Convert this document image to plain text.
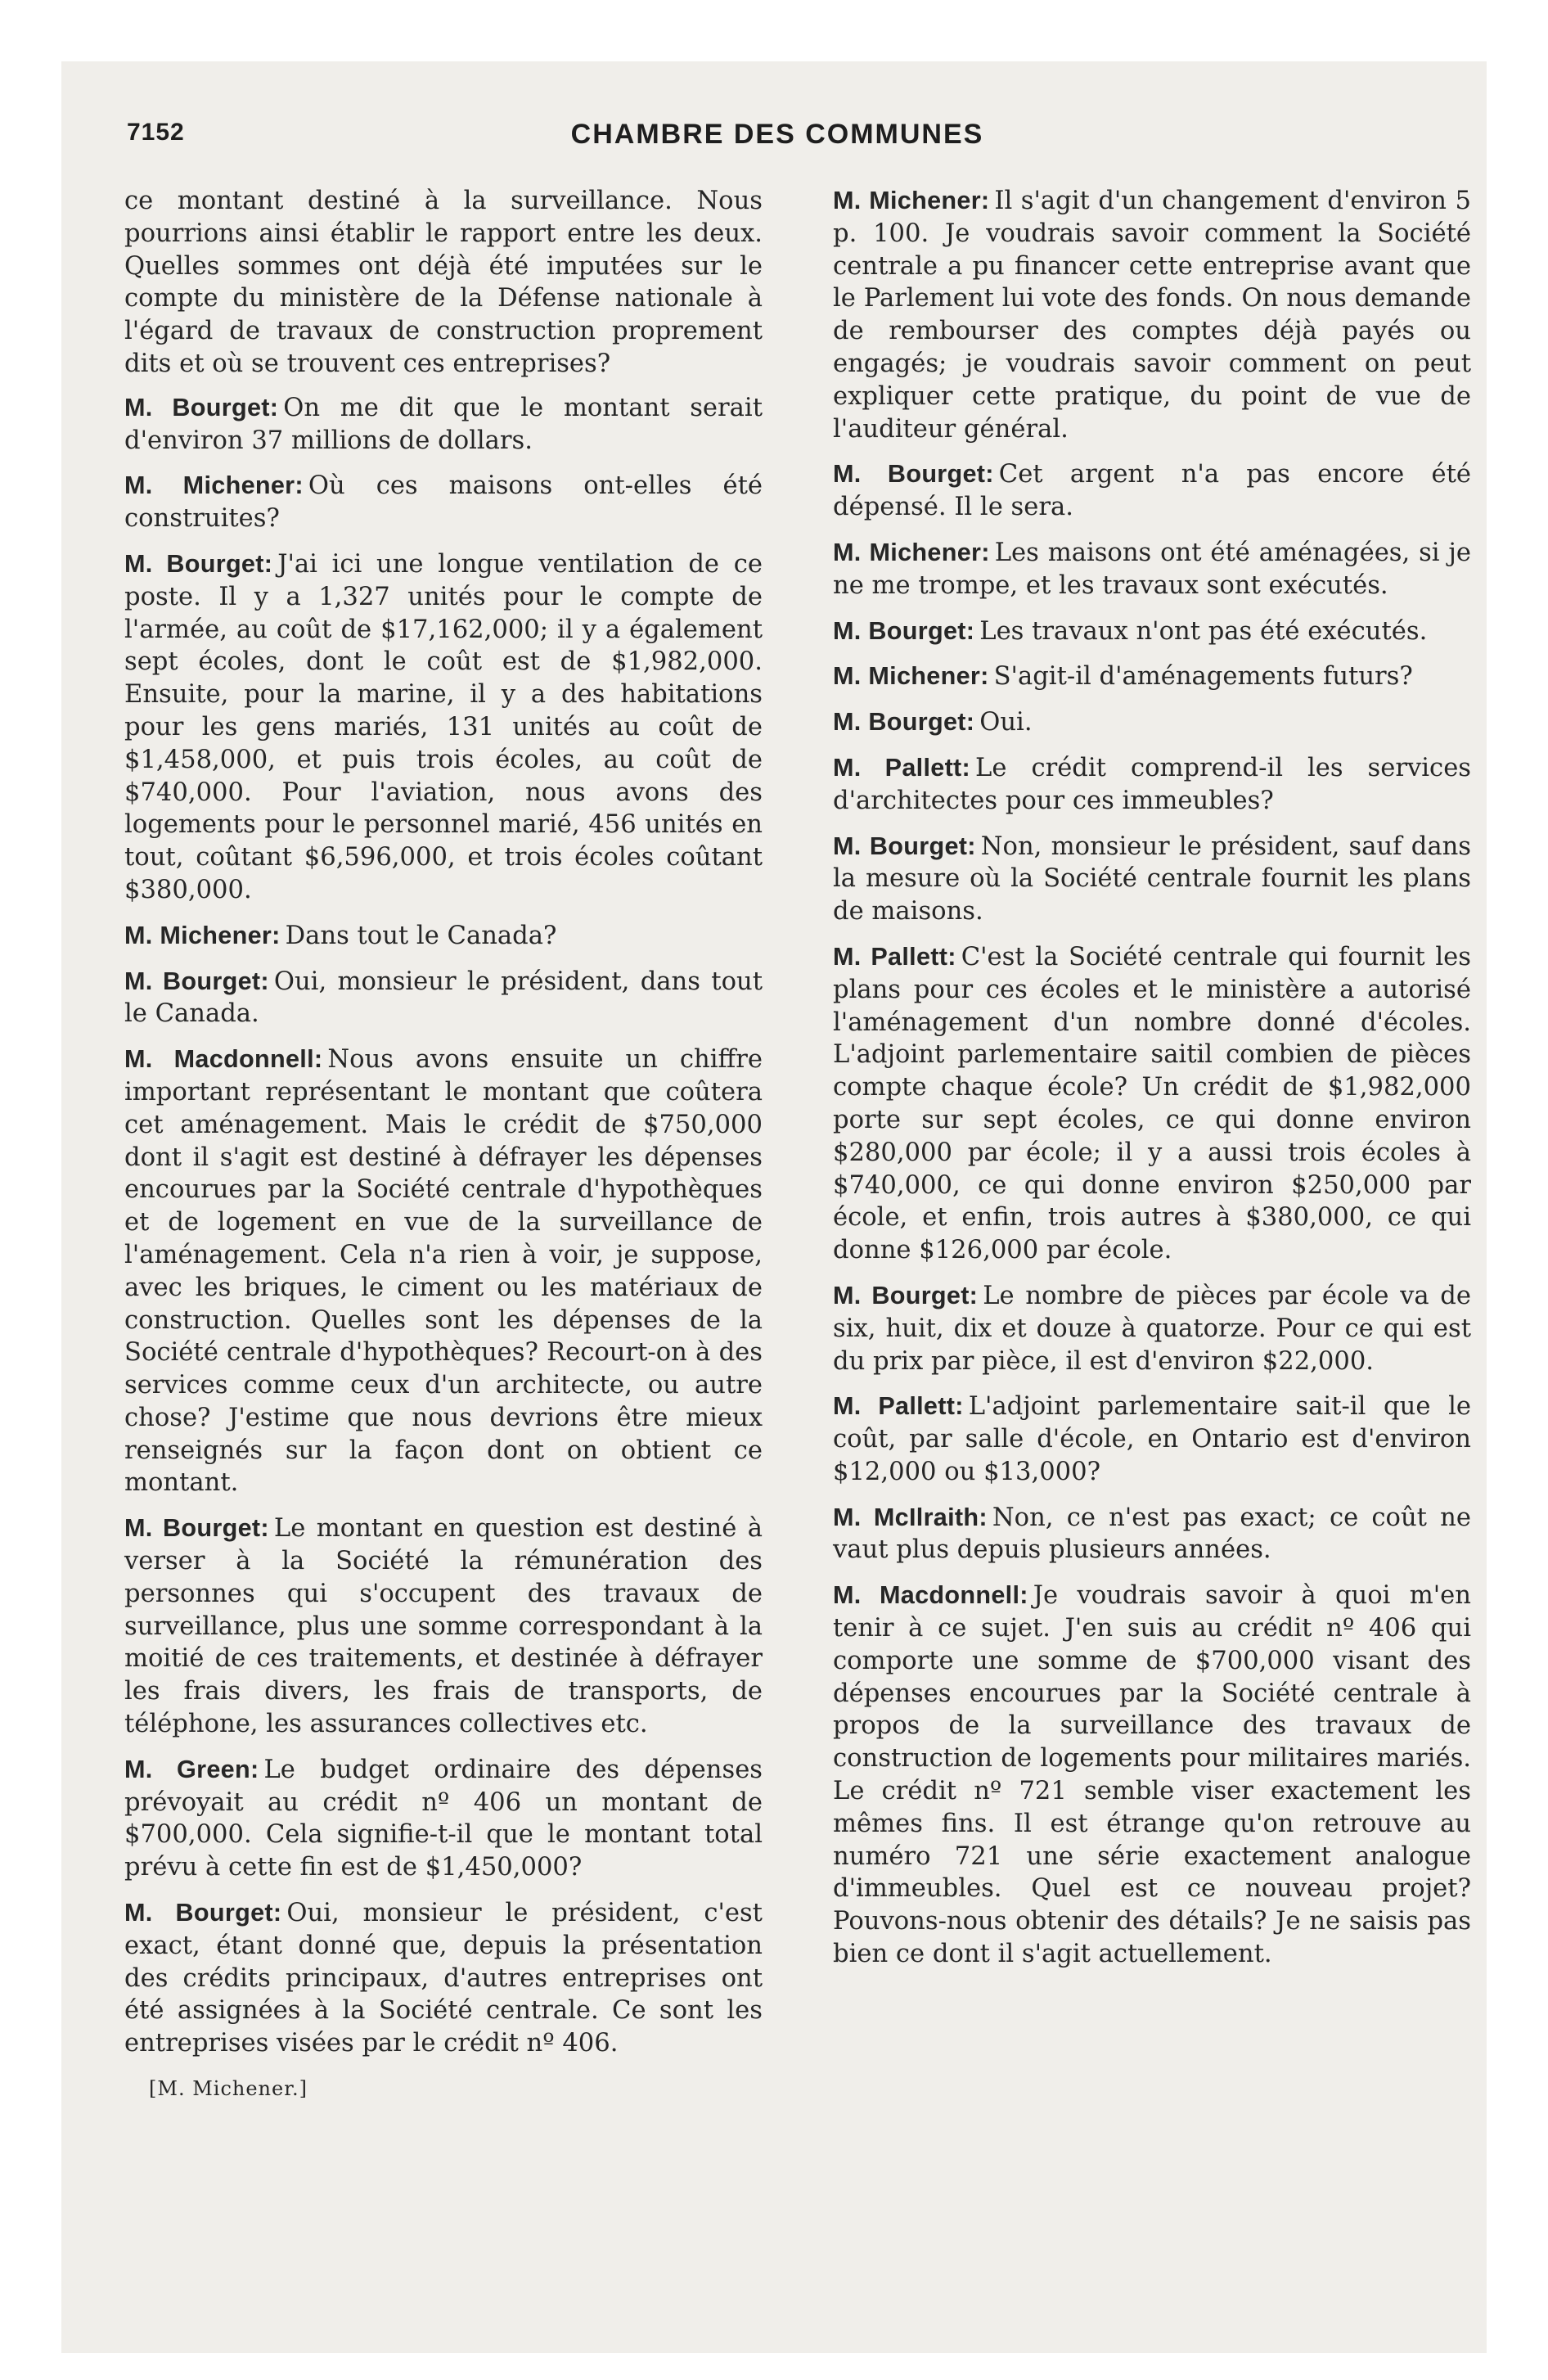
7152	CHAMBRE DES COMMUNES

ce montant destiné à la surveillance. Nous pourrions ainsi établir le rapport entre les deux. Quelles sommes ont déjà été imputées sur le compte du ministère de la Défense nationale à l'égard de travaux de construction proprement dits et où se trouvent ces entreprises?

M. Bourget: On me dit que le montant serait d'environ 37 millions de dollars.

M. Michener: Où ces maisons ont-elles été construites?

M. Bourget: J'ai ici une longue ventilation de ce poste. Il y a 1,327 unités pour le compte de l'armée, au coût de $17,162,000; il y a également sept écoles, dont le coût est de $1,982,000. Ensuite, pour la marine, il y a des habitations pour les gens mariés, 131 unités au coût de $1,458,000, et puis trois écoles, au coût de $740,000. Pour l'aviation, nous avons des logements pour le personnel marié, 456 unités en tout, coûtant $6,596,000, et trois écoles coûtant $380,000.

M. Michener: Dans tout le Canada?

M. Bourget: Oui, monsieur le président, dans tout le Canada.

M. Macdonnell: Nous avons ensuite un chiffre important représentant le montant que coûtera cet aménagement. Mais le crédit de $750,000 dont il s'agit est destiné à défrayer les dépenses encourues par la Société centrale d'hypothèques et de logement en vue de la surveillance de l'aménagement. Cela n'a rien à voir, je suppose, avec les briques, le ciment ou les matériaux de construction. Quelles sont les dépenses de la Société centrale d'hypothèques? Recourt-on à des services comme ceux d'un architecte, ou autre chose? J'estime que nous devrions être mieux renseignés sur la façon dont on obtient ce montant.

M. Bourget: Le montant en question est destiné à verser à la Société la rémunération des personnes qui s'occupent des travaux de surveillance, plus une somme correspondant à la moitié de ces traitements, et destinée à défrayer les frais divers, les frais de transports, de téléphone, les assurances collectives etc.

M. Green: Le budget ordinaire des dépenses prévoyait au crédit nº 406 un montant de $700,000. Cela signifie-t-il que le montant total prévu à cette fin est de $1,450,000?

M. Bourget: Oui, monsieur le président, c'est exact, étant donné que, depuis la présentation des crédits principaux, d'autres entreprises ont été assignées à la Société centrale. Ce sont les entreprises visées par le crédit nº 406.

[M. Michener.]

M. Michener: Il s'agit d'un changement d'environ 5 p. 100. Je voudrais savoir comment la Société centrale a pu financer cette entreprise avant que le Parlement lui vote des fonds. On nous demande de rembourser des comptes déjà payés ou engagés; je voudrais savoir comment on peut expliquer cette pratique, du point de vue de l'auditeur général.

M. Bourget: Cet argent n'a pas encore été dépensé. Il le sera.

M. Michener: Les maisons ont été aménagées, si je ne me trompe, et les travaux sont exécutés.

M. Bourget: Les travaux n'ont pas été exécutés.

M. Michener: S'agit-il d'aménagements futurs?

M. Bourget: Oui.

M. Pallett: Le crédit comprend-il les services d'architectes pour ces immeubles?

M. Bourget: Non, monsieur le président, sauf dans la mesure où la Société centrale fournit les plans de maisons.

M. Pallett: C'est la Société centrale qui fournit les plans pour ces écoles et le ministère a autorisé l'aménagement d'un nombre donné d'écoles. L'adjoint parlementaire saitil combien de pièces compte chaque école? Un crédit de $1,982,000 porte sur sept écoles, ce qui donne environ $280,000 par école; il y a aussi trois écoles à $740,000, ce qui donne environ $250,000 par école, et enfin, trois autres à $380,000, ce qui donne $126,000 par école.

M. Bourget: Le nombre de pièces par école va de six, huit, dix et douze à quatorze. Pour ce qui est du prix par pièce, il est d'environ $22,000.

M. Pallett: L'adjoint parlementaire sait-il que le coût, par salle d'école, en Ontario est d'environ $12,000 ou $13,000?

M. McIlraith: Non, ce n'est pas exact; ce coût ne vaut plus depuis plusieurs années.

M. Macdonnell: Je voudrais savoir à quoi m'en tenir à ce sujet. J'en suis au crédit nº 406 qui comporte une somme de $700,000 visant des dépenses encourues par la Société centrale à propos de la surveillance des travaux de construction de logements pour militaires mariés. Le crédit nº 721 semble viser exactement les mêmes fins. Il est étrange qu'on retrouve au numéro 721 une série exactement analogue d'immeubles. Quel est ce nouveau projet? Pouvons-nous obtenir des détails? Je ne saisis pas bien ce dont il s'agit actuellement.
